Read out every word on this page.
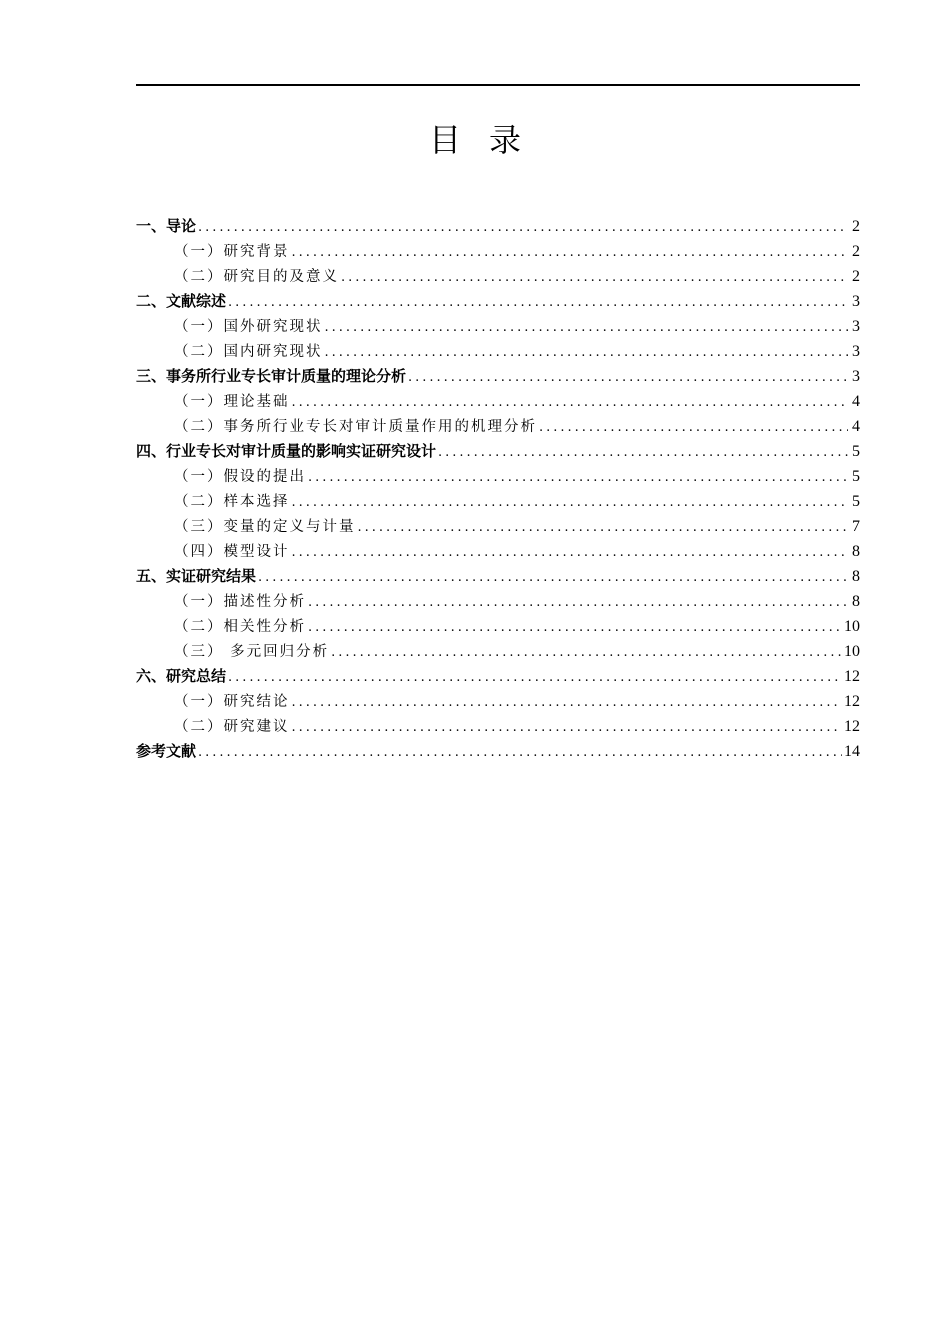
目录
一、导论 .....	2
（一）研究背景 .....	2
（二）研究目的及意义 .....	2
二、文献综述 .....	3
（一）国外研究现状 .....	3
（二）国内研究现状 .....	3
三、事务所行业专长审计质量的理论分析 .....	3
（一）理论基础 .....	4
（二）事务所行业专长对审计质量作用的机理分析 .....	4
四、行业专长对审计质量的影响实证研究设计 .....	5
（一）假设的提出 .....	5
（二）样本选择 .....	5
（三）变量的定义与计量 .....	7
（四）模型设计 .....	8
五、实证研究结果 .....	8
（一）描述性分析 .....	8
（二）相关性分析 .....	10
（三） 多元回归分析 .....	10
六、研究总结 .....	12
（一）研究结论 .....	12
（二）研究建议 .....	12
参考文献 .....	14
